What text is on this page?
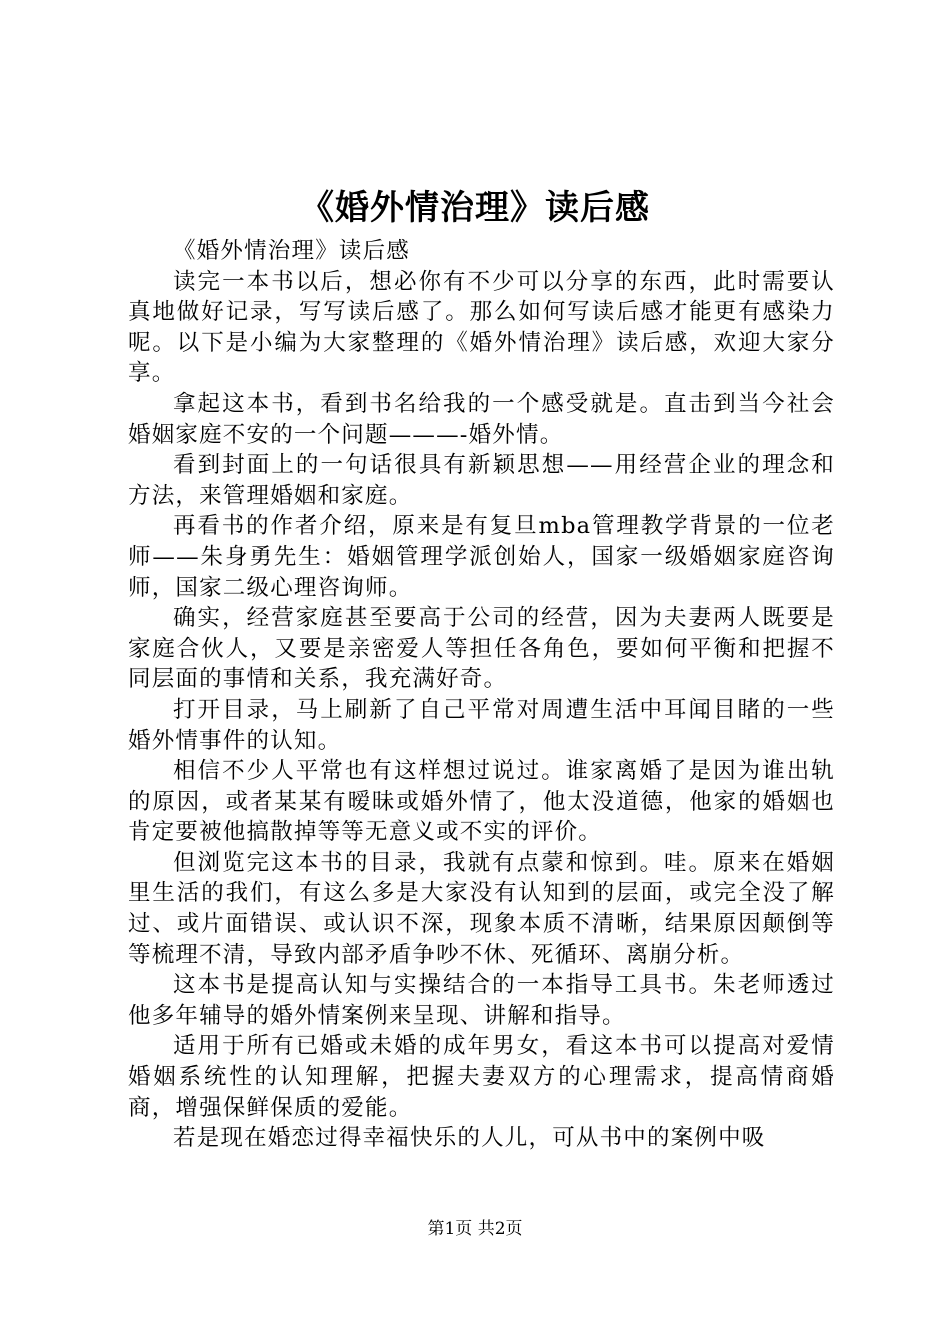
《婚外情治理》读后感

《婚外情治理》读后感

读完一本书以后，想必你有不少可以分享的东西，此时需要认真地做好记录，写写读后感了。那么如何写读后感才能更有感染力呢。以下是小编为大家整理的《婚外情治理》读后感，欢迎大家分享。

拿起这本书，看到书名给我的一个感受就是。直击到当今社会婚姻家庭不安的一个问题———-婚外情。

看到封面上的一句话很具有新颖思想——用经营企业的理念和方法，来管理婚姻和家庭。

再看书的作者介绍，原来是有复旦mba管理教学背景的一位老师——朱身勇先生：婚姻管理学派创始人，国家一级婚姻家庭咨询师，国家二级心理咨询师。

确实，经营家庭甚至要高于公司的经营，因为夫妻两人既要是家庭合伙人，又要是亲密爱人等担任各角色，要如何平衡和把握不同层面的事情和关系，我充满好奇。

打开目录，马上刷新了自己平常对周遭生活中耳闻目睹的一些婚外情事件的认知。

相信不少人平常也有这样想过说过。谁家离婚了是因为谁出轨的原因，或者某某有暧昧或婚外情了，他太没道德，他家的婚姻也肯定要被他搞散掉等等无意义或不实的评价。

但浏览完这本书的目录，我就有点蒙和惊到。哇。原来在婚姻里生活的我们，有这么多是大家没有认知到的层面，或完全没了解过、或片面错误、或认识不深，现象本质不清晰，结果原因颠倒等等梳理不清，导致内部矛盾争吵不休、死循环、离崩分析。

这本书是提高认知与实操结合的一本指导工具书。朱老师透过他多年辅导的婚外情案例来呈现、讲解和指导。

适用于所有已婚或未婚的成年男女，看这本书可以提高对爱情婚姻系统性的认知理解，把握夫妻双方的心理需求，提高情商婚商，增强保鲜保质的爱能。

若是现在婚恋过得幸福快乐的人儿，可从书中的案例中吸

第1页 共2页
